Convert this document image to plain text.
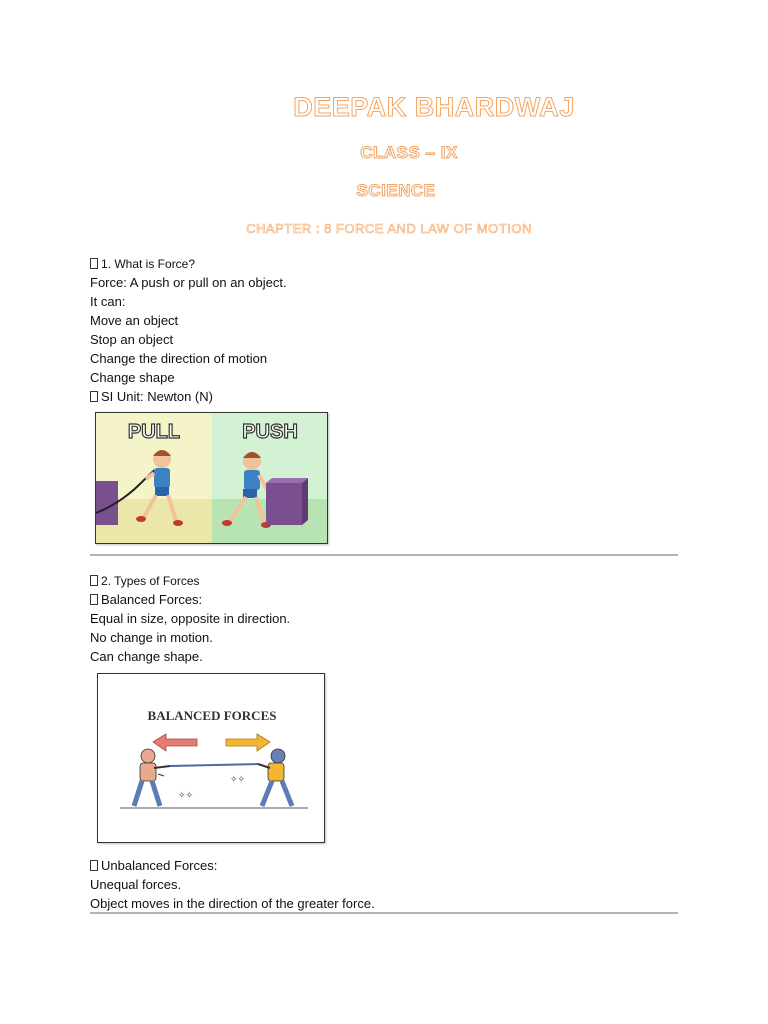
DEEPAK BHARDWAJ
CLASS – IX
SCIENCE
CHAPTER : 8 FORCE AND LAW OF MOTION
1. What is Force?
Force: A push or pull on an object.
It can:
Move an object
Stop an object
Change the direction of motion
Change shape
SI Unit: Newton (N)
PULL	PUSH
2. Types of Forces
Balanced Forces:
Equal in size, opposite in direction.
No change in motion.
Can change shape.
BALANCED FORCES
✧✧
✧✧
Unbalanced Forces:
Unequal forces.
Object moves in the direction of the greater force.
